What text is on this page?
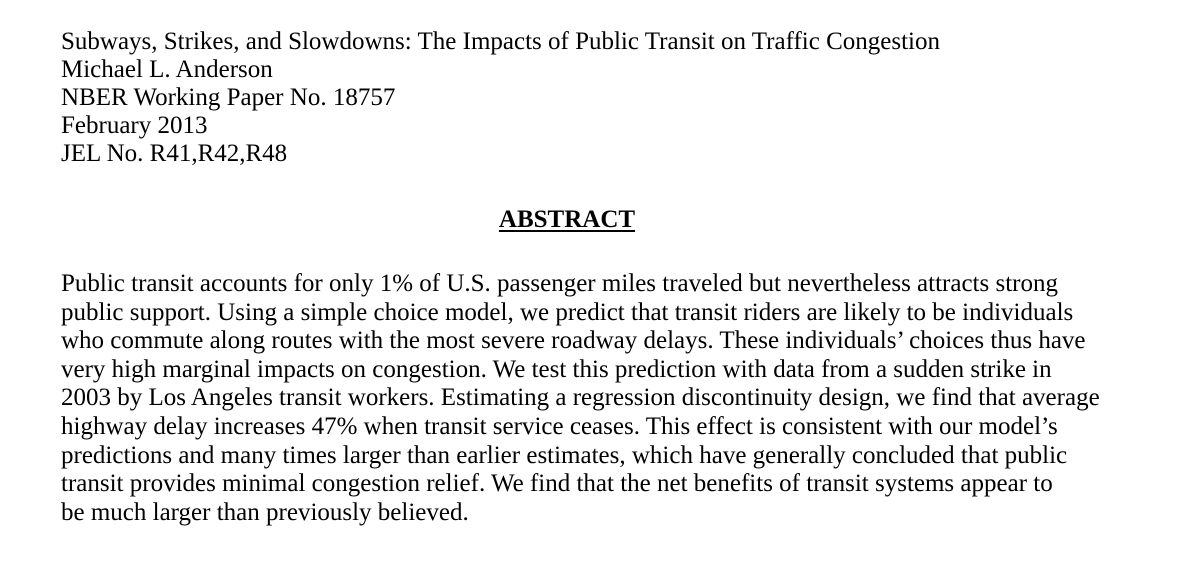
Subways, Strikes, and Slowdowns: The Impacts of Public Transit on Traffic Congestion
Michael L. Anderson
NBER Working Paper No. 18757
February 2013
JEL No. R41,R42,R48
ABSTRACT
Public transit accounts for only 1% of U.S. passenger miles traveled but nevertheless attracts strong
public support. Using a simple choice model, we predict that transit riders are likely to be individuals
who commute along routes with the most severe roadway delays. These individuals’ choices thus have
very high marginal impacts on congestion. We test this prediction with data from a sudden strike in
2003 by Los Angeles transit workers. Estimating a regression discontinuity design, we find that average
highway delay increases 47% when transit service ceases. This effect is consistent with our model’s
predictions and many times larger than earlier estimates, which have generally concluded that public
transit provides minimal congestion relief. We find that the net benefits of transit systems appear to
be much larger than previously believed.
